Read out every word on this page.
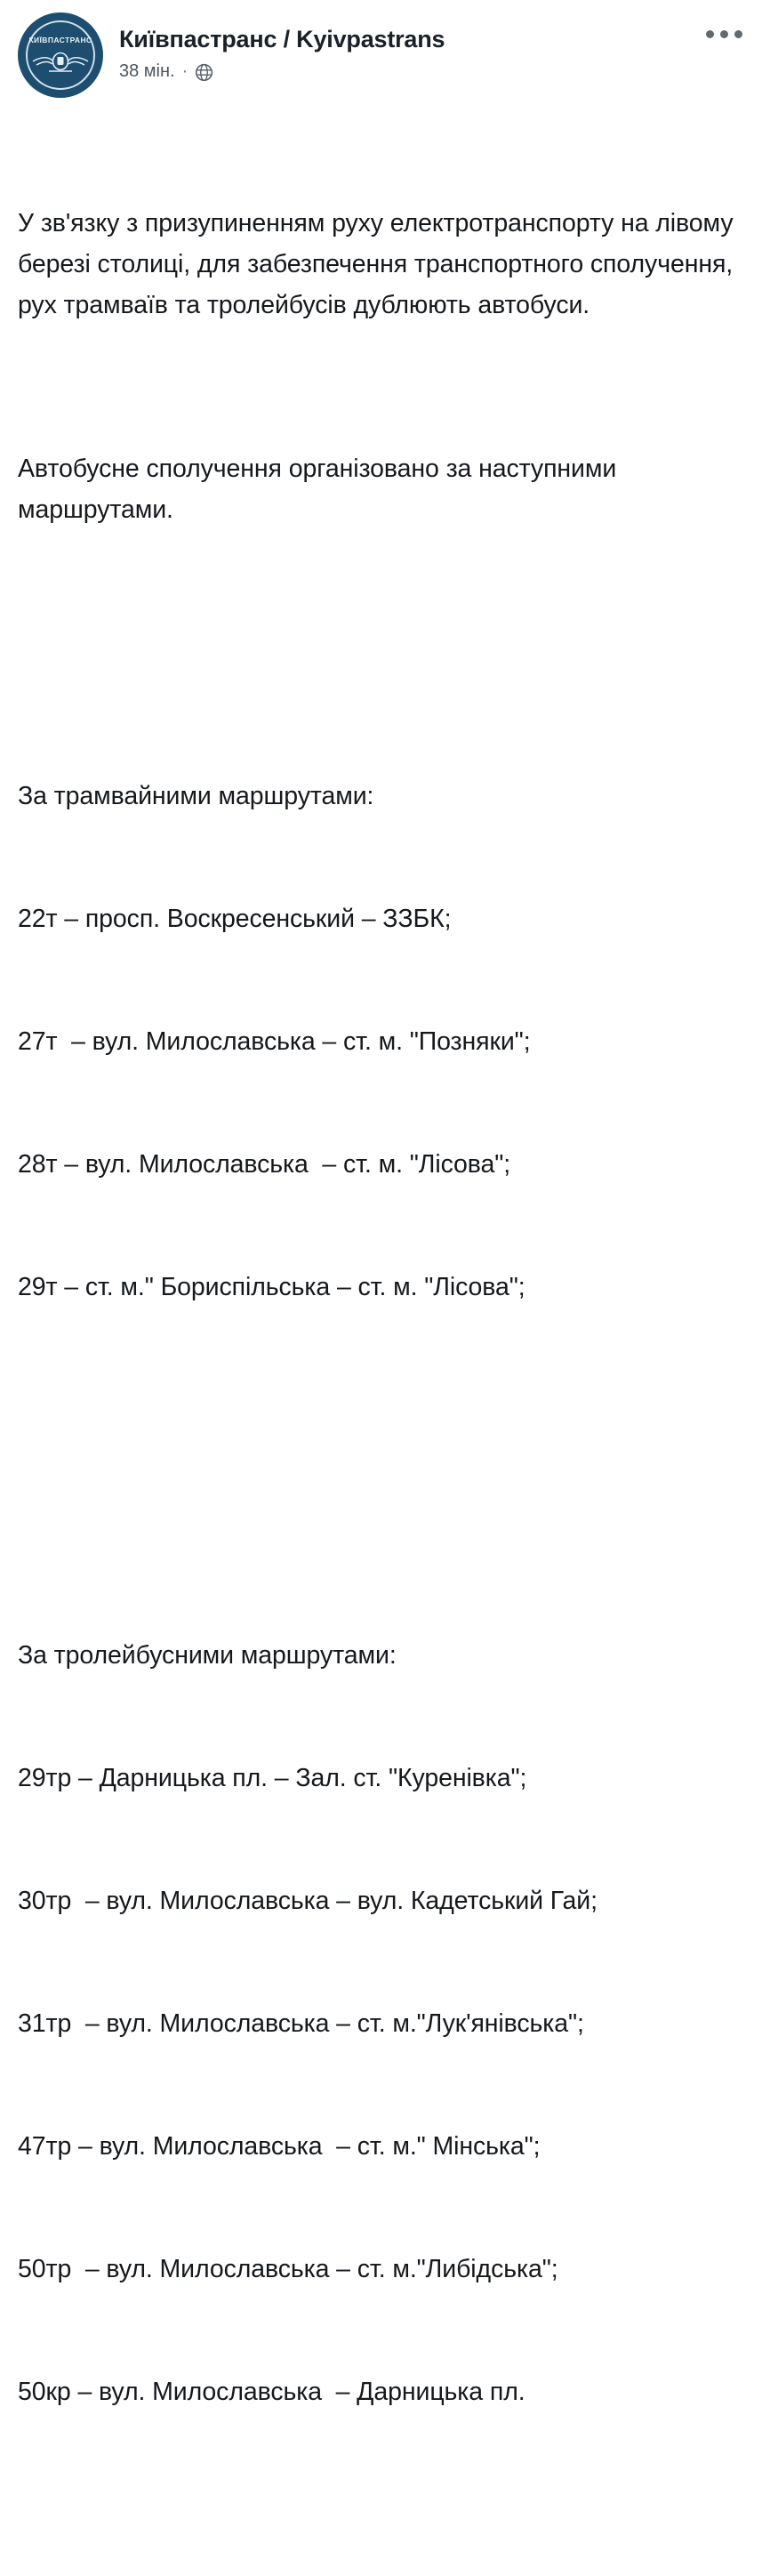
КИЇВПАСТРАНС	Київпастранс / Kyivpastrans
38 мін. ·

У зв'язку з призупиненням руху електротранспорту на лівому березі столиці, для забезпечення транспортного сполучення, рух трамваїв та тролейбусів дублюють автобуси.

Автобусне сполучення організовано за наступними маршрутами.

За трамвайними маршрутами:

22т – просп. Воскресенський – ЗЗБК;

27т  – вул. Милославська – ст. м. "Позняки";

28т – вул. Милославська  – ст. м. "Лісова";

29т – ст. м." Бориспільська – ст. м. "Лісова";

За тролейбусними маршрутами:

29тр – Дарницька пл. – Зал. ст. "Куренівка";

30тр  – вул. Милославська – вул. Кадетський Гай;

31тр  – вул. Милославська – ст. м."Лук'янівська";

47тр – вул. Милославська  – ст. м." Мінська";

50тр  – вул. Милославська – ст. м."Либідська";

50кр – вул. Милославська  – Дарницька пл.
